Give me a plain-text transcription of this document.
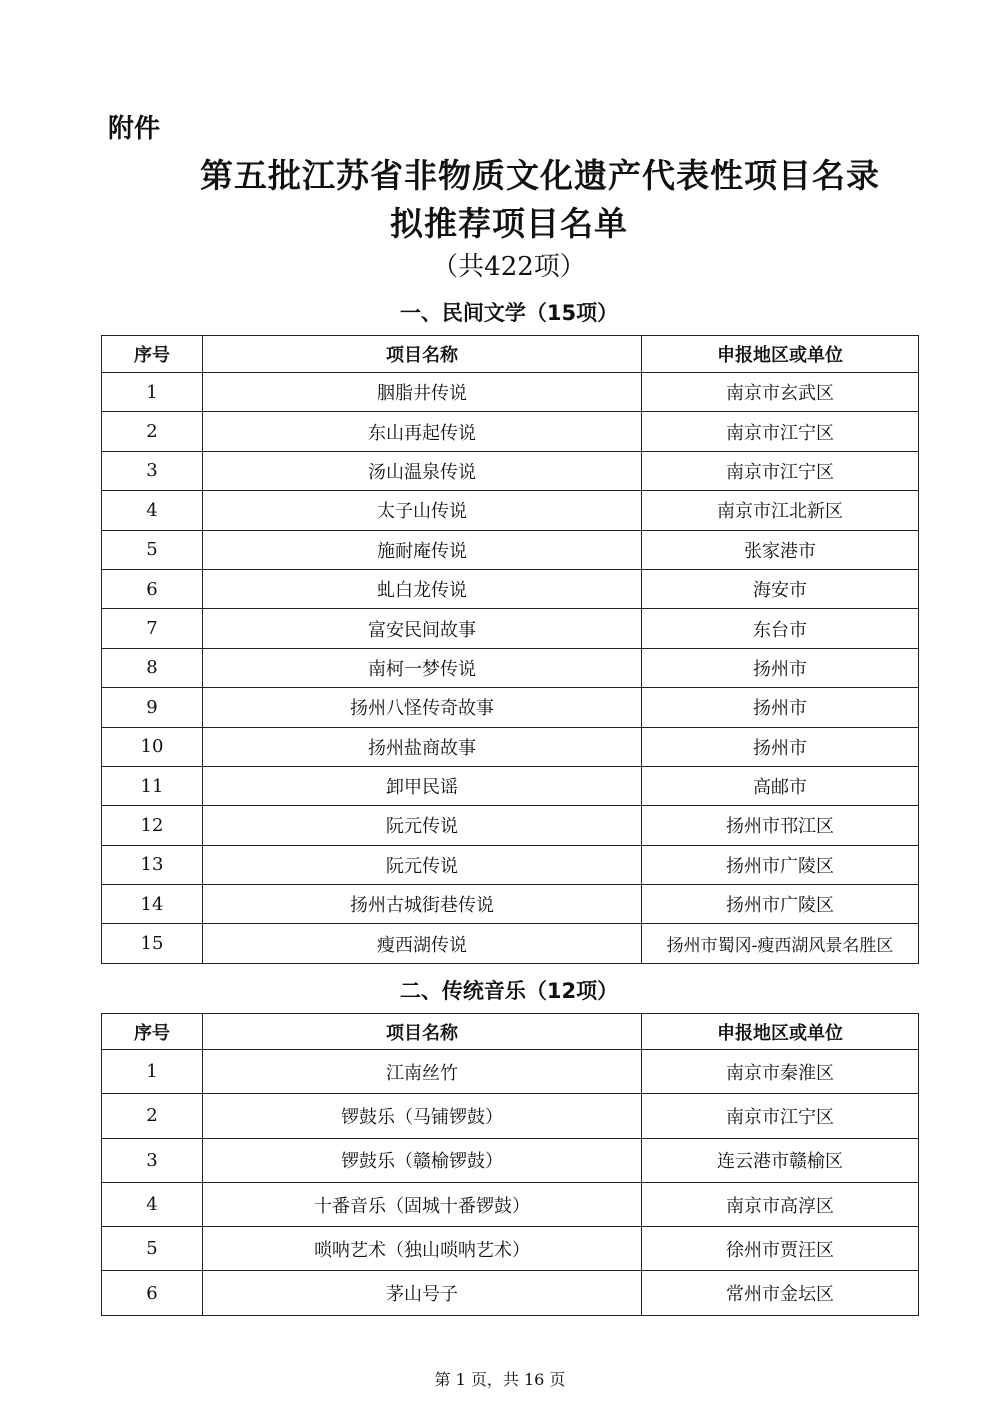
附件
第五批江苏省非物质文化遗产代表性项目名录
拟推荐项目名单
（共422项）
一、民间文学（15项）
序号	项目名称	申报地区或单位
1	胭脂井传说	南京市玄武区
2	东山再起传说	南京市江宁区
3	汤山温泉传说	南京市江宁区
4	太子山传说	南京市江北新区
5	施耐庵传说	张家港市
6	虬白龙传说	海安市
7	富安民间故事	东台市
8	南柯一梦传说	扬州市
9	扬州八怪传奇故事	扬州市
10	扬州盐商故事	扬州市
11	卸甲民谣	高邮市
12	阮元传说	扬州市邗江区
13	阮元传说	扬州市广陵区
14	扬州古城街巷传说	扬州市广陵区
15	瘦西湖传说	扬州市蜀冈-瘦西湖风景名胜区
二、传统音乐（12项）
序号	项目名称	申报地区或单位
1	江南丝竹	南京市秦淮区
2	锣鼓乐（马铺锣鼓）	南京市江宁区
3	锣鼓乐（赣榆锣鼓）	连云港市赣榆区
4	十番音乐（固城十番锣鼓）	南京市高淳区
5	唢呐艺术（独山唢呐艺术）	徐州市贾汪区
6	茅山号子	常州市金坛区
第 1 页，共 16 页
